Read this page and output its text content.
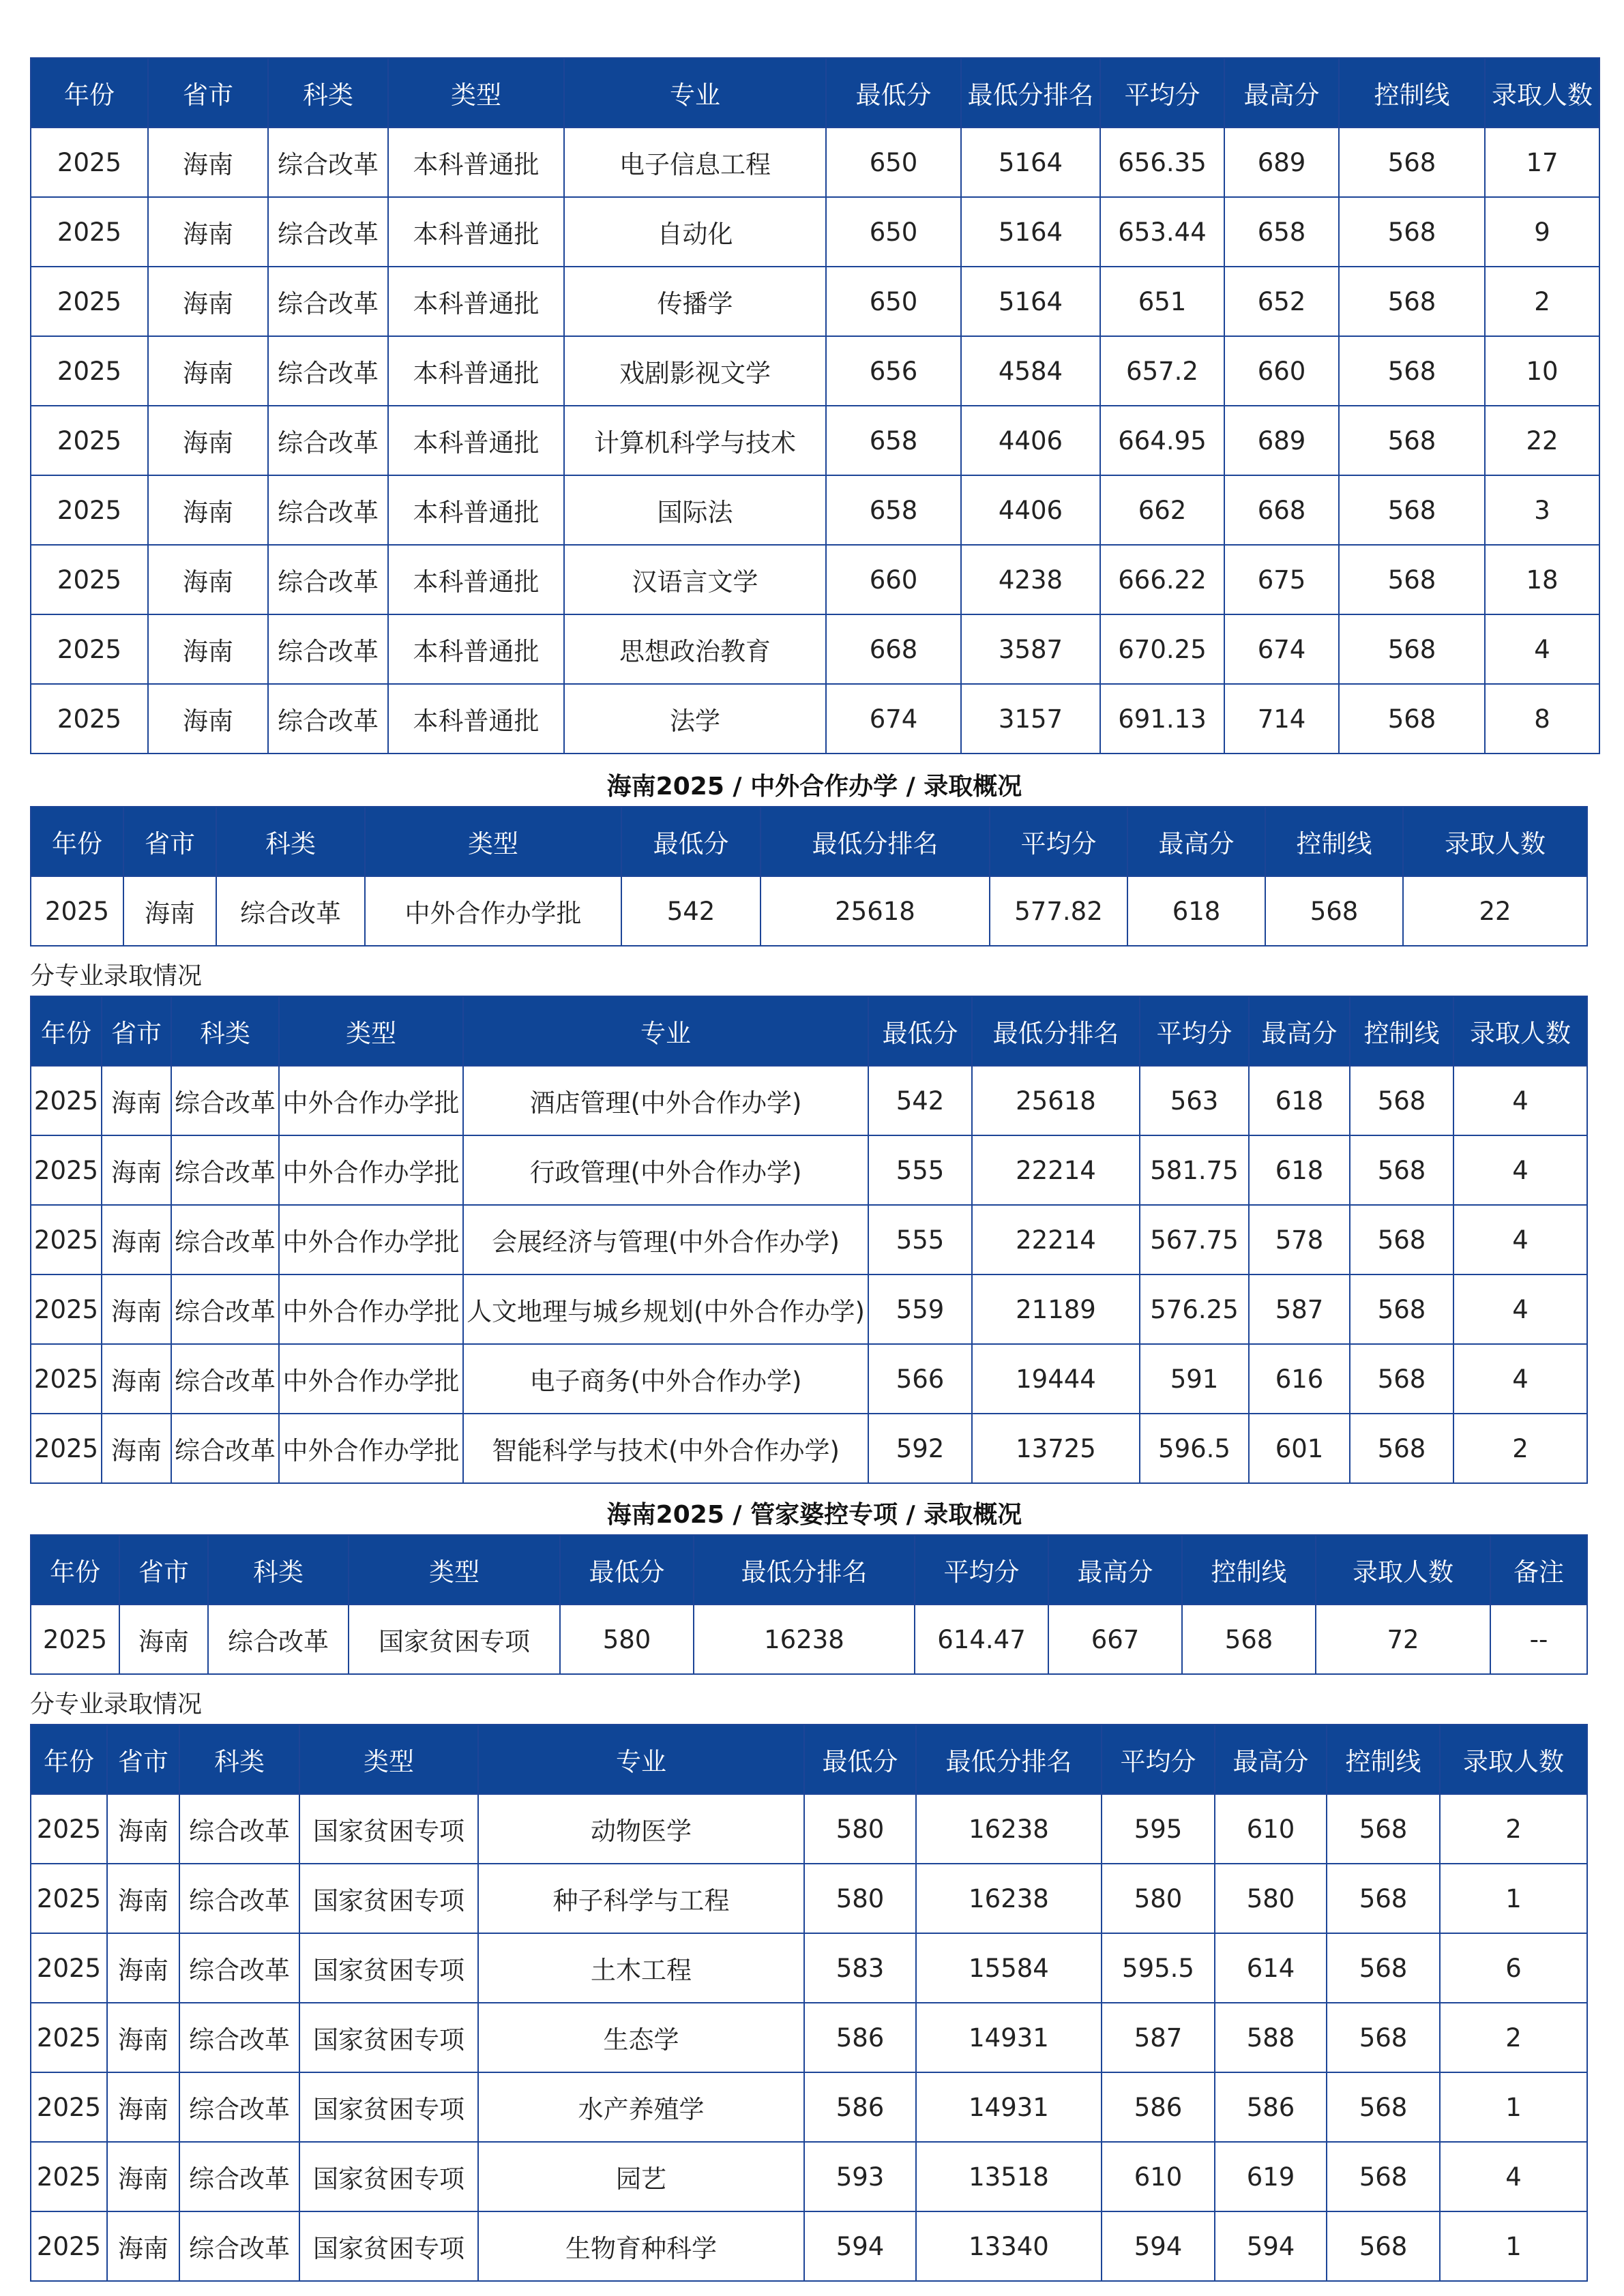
年份	省市	科类	类型	专业	最低分	最低分排名	平均分	最高分	控制线	录取人数
2025	海南	综合改革	本科普通批	电子信息工程	650	5164	656.35	689	568	17
2025	海南	综合改革	本科普通批	自动化	650	5164	653.44	658	568	9
2025	海南	综合改革	本科普通批	传播学	650	5164	651	652	568	2
2025	海南	综合改革	本科普通批	戏剧影视文学	656	4584	657.2	660	568	10
2025	海南	综合改革	本科普通批	计算机科学与技术	658	4406	664.95	689	568	22
2025	海南	综合改革	本科普通批	国际法	658	4406	662	668	568	3
2025	海南	综合改革	本科普通批	汉语言文学	660	4238	666.22	675	568	18
2025	海南	综合改革	本科普通批	思想政治教育	668	3587	670.25	674	568	4
2025	海南	综合改革	本科普通批	法学	674	3157	691.13	714	568	8
海南2025 / 中外合作办学 / 录取概况
年份	省市	科类	类型	最低分	最低分排名	平均分	最高分	控制线	录取人数
2025	海南	综合改革	中外合作办学批	542	25618	577.82	618	568	22
分专业录取情况
年份	省市	科类	类型	专业	最低分	最低分排名	平均分	最高分	控制线	录取人数
2025	海南	综合改革	中外合作办学批	酒店管理(中外合作办学)	542	25618	563	618	568	4
2025	海南	综合改革	中外合作办学批	行政管理(中外合作办学)	555	22214	581.75	618	568	4
2025	海南	综合改革	中外合作办学批	会展经济与管理(中外合作办学)	555	22214	567.75	578	568	4
2025	海南	综合改革	中外合作办学批	人文地理与城乡规划(中外合作办学)	559	21189	576.25	587	568	4
2025	海南	综合改革	中外合作办学批	电子商务(中外合作办学)	566	19444	591	616	568	4
2025	海南	综合改革	中外合作办学批	智能科学与技术(中外合作办学)	592	13725	596.5	601	568	2
海南2025 / 管家婆控专项 / 录取概况
年份	省市	科类	类型	最低分	最低分排名	平均分	最高分	控制线	录取人数	备注
2025	海南	综合改革	国家贫困专项	580	16238	614.47	667	568	72	--
分专业录取情况
年份	省市	科类	类型	专业	最低分	最低分排名	平均分	最高分	控制线	录取人数
2025	海南	综合改革	国家贫困专项	动物医学	580	16238	595	610	568	2
2025	海南	综合改革	国家贫困专项	种子科学与工程	580	16238	580	580	568	1
2025	海南	综合改革	国家贫困专项	土木工程	583	15584	595.5	614	568	6
2025	海南	综合改革	国家贫困专项	生态学	586	14931	587	588	568	2
2025	海南	综合改革	国家贫困专项	水产养殖学	586	14931	586	586	568	1
2025	海南	综合改革	国家贫困专项	园艺	593	13518	610	619	568	4
2025	海南	综合改革	国家贫困专项	生物育种科学	594	13340	594	594	568	1
